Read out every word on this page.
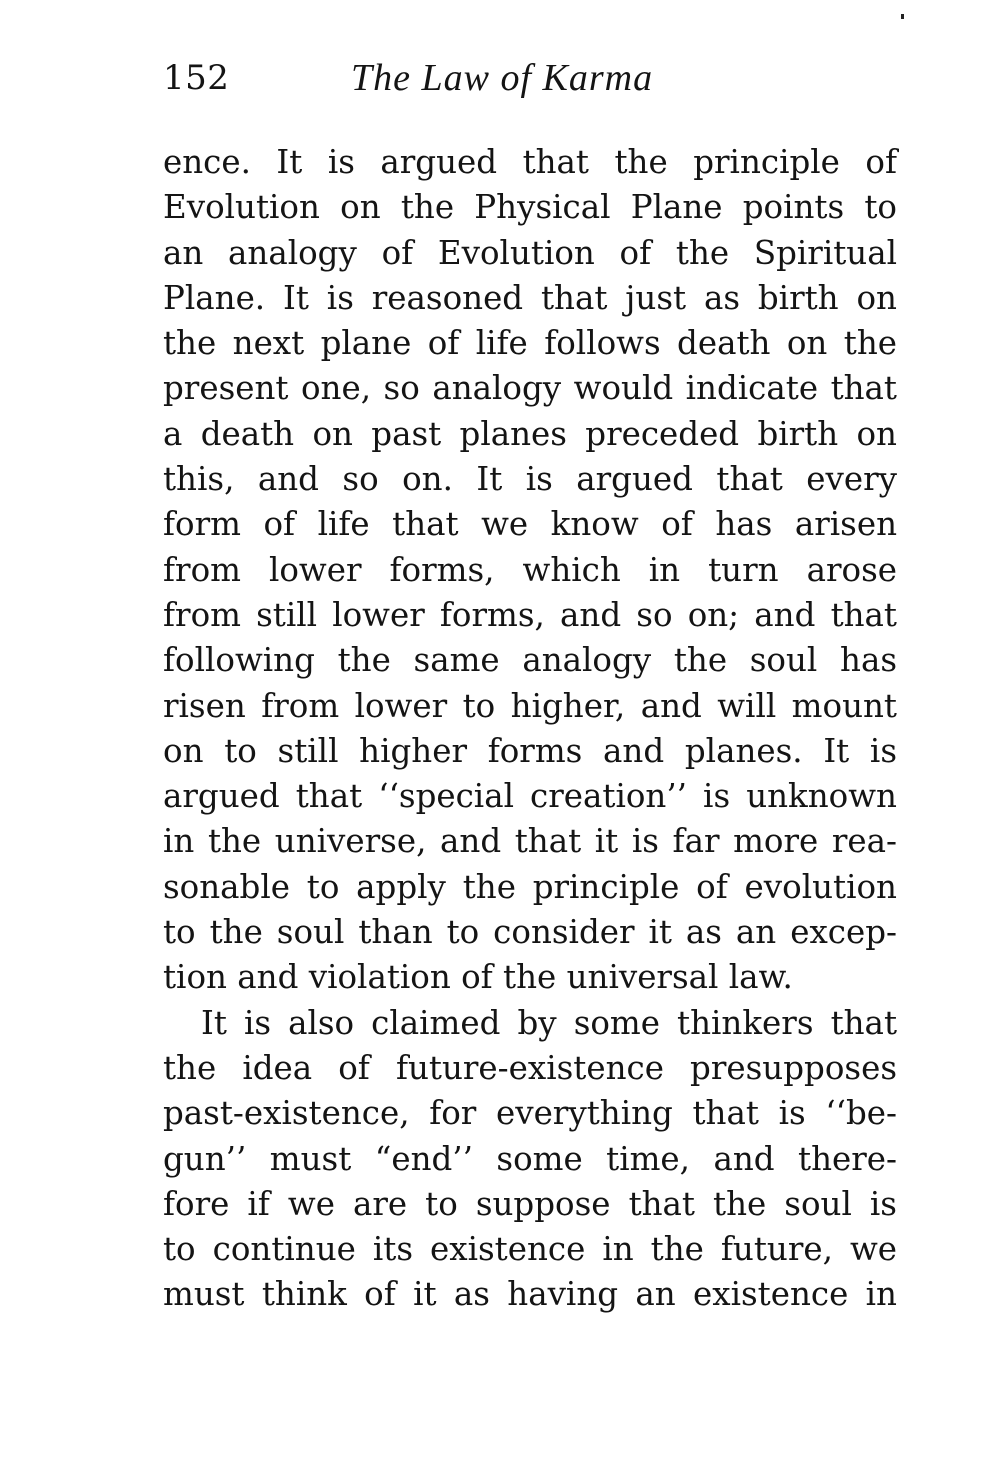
152	The Law of Karma
ence. It is argued that the principle of
Evolution on the Physical Plane points to
an analogy of Evolution of the Spiritual
Plane. It is reasoned that just as birth on
the next plane of life follows death on the
present one, so analogy would indicate that
a death on past planes preceded birth on
this, and so on. It is argued that every
form of life that we know of has arisen
from lower forms, which in turn arose
from still lower forms, and so on; and that
following the same analogy the soul has
risen from lower to higher, and will mount
on to still higher forms and planes. It is
argued that ‘‘special creation’’ is unknown
in the universe, and that it is far more rea-
sonable to apply the principle of evolution
to the soul than to consider it as an excep-
tion and violation of the universal law.
It is also claimed by some thinkers that
the idea of future-existence presupposes
past-existence, for everything that is ‘‘be-
gun’’ must “end’’ some time, and there-
fore if we are to suppose that the soul is
to continue its existence in the future, we
must think of it as having an existence in
